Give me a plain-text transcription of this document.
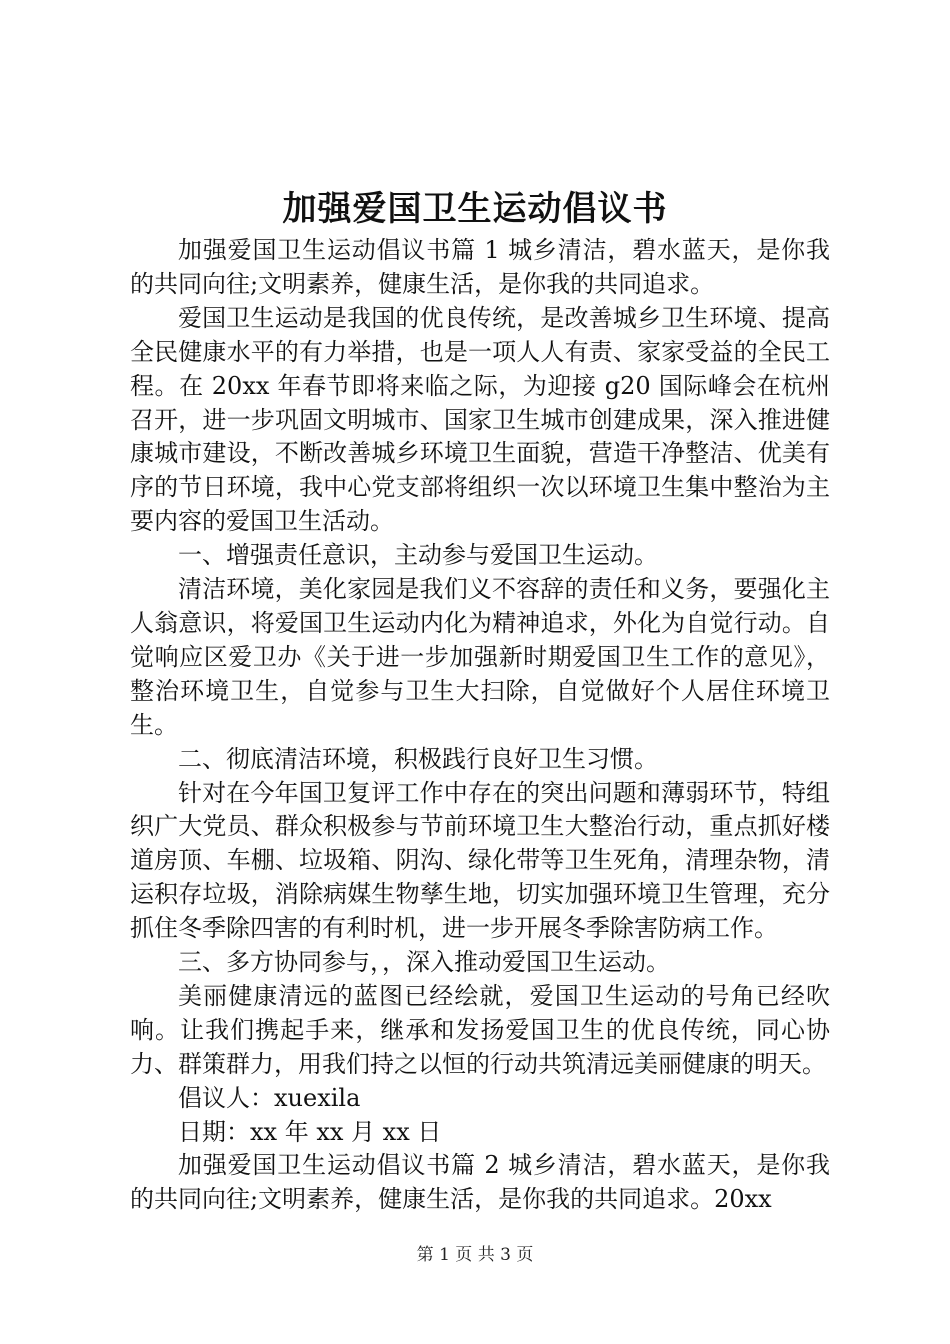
加强爱国卫生运动倡议书

加强爱国卫生运动倡议书篇 1 城乡清洁，碧水蓝天，是你我的共同向往;文明素养，健康生活，是你我的共同追求。

爱国卫生运动是我国的优良传统，是改善城乡卫生环境、提高全民健康水平的有力举措，也是一项人人有责、家家受益的全民工程。在 20xx 年春节即将来临之际，为迎接 g20 国际峰会在杭州召开，进一步巩固文明城市、国家卫生城市创建成果，深入推进健康城市建设，不断改善城乡环境卫生面貌，营造干净整洁、优美有序的节日环境，我中心党支部将组织一次以环境卫生集中整治为主要内容的爱国卫生活动。

一、增强责任意识，主动参与爱国卫生运动。

清洁环境，美化家园是我们义不容辞的责任和义务，要强化主人翁意识，将爱国卫生运动内化为精神追求，外化为自觉行动。自觉响应区爱卫办《关于进一步加强新时期爱国卫生工作的意见》，整治环境卫生，自觉参与卫生大扫除，自觉做好个人居住环境卫生。

二、彻底清洁环境，积极践行良好卫生习惯。

针对在今年国卫复评工作中存在的突出问题和薄弱环节，特组织广大党员、群众积极参与节前环境卫生大整治行动，重点抓好楼道房顶、车棚、垃圾箱、阴沟、绿化带等卫生死角，清理杂物，清运积存垃圾，消除病媒生物孳生地，切实加强环境卫生管理，充分抓住冬季除四害的有利时机，进一步开展冬季除害防病工作。

三、多方协同参与，，深入推动爱国卫生运动。

美丽健康清远的蓝图已经绘就，爱国卫生运动的号角已经吹响。让我们携起手来，继承和发扬爱国卫生的优良传统，同心协力、群策群力，用我们持之以恒的行动共筑清远美丽健康的明天。

倡议人：xuexila

日期：xx 年 xx 月 xx 日

加强爱国卫生运动倡议书篇 2 城乡清洁，碧水蓝天，是你我的共同向往;文明素养，健康生活，是你我的共同追求。20xx

第 1 页 共 3 页
